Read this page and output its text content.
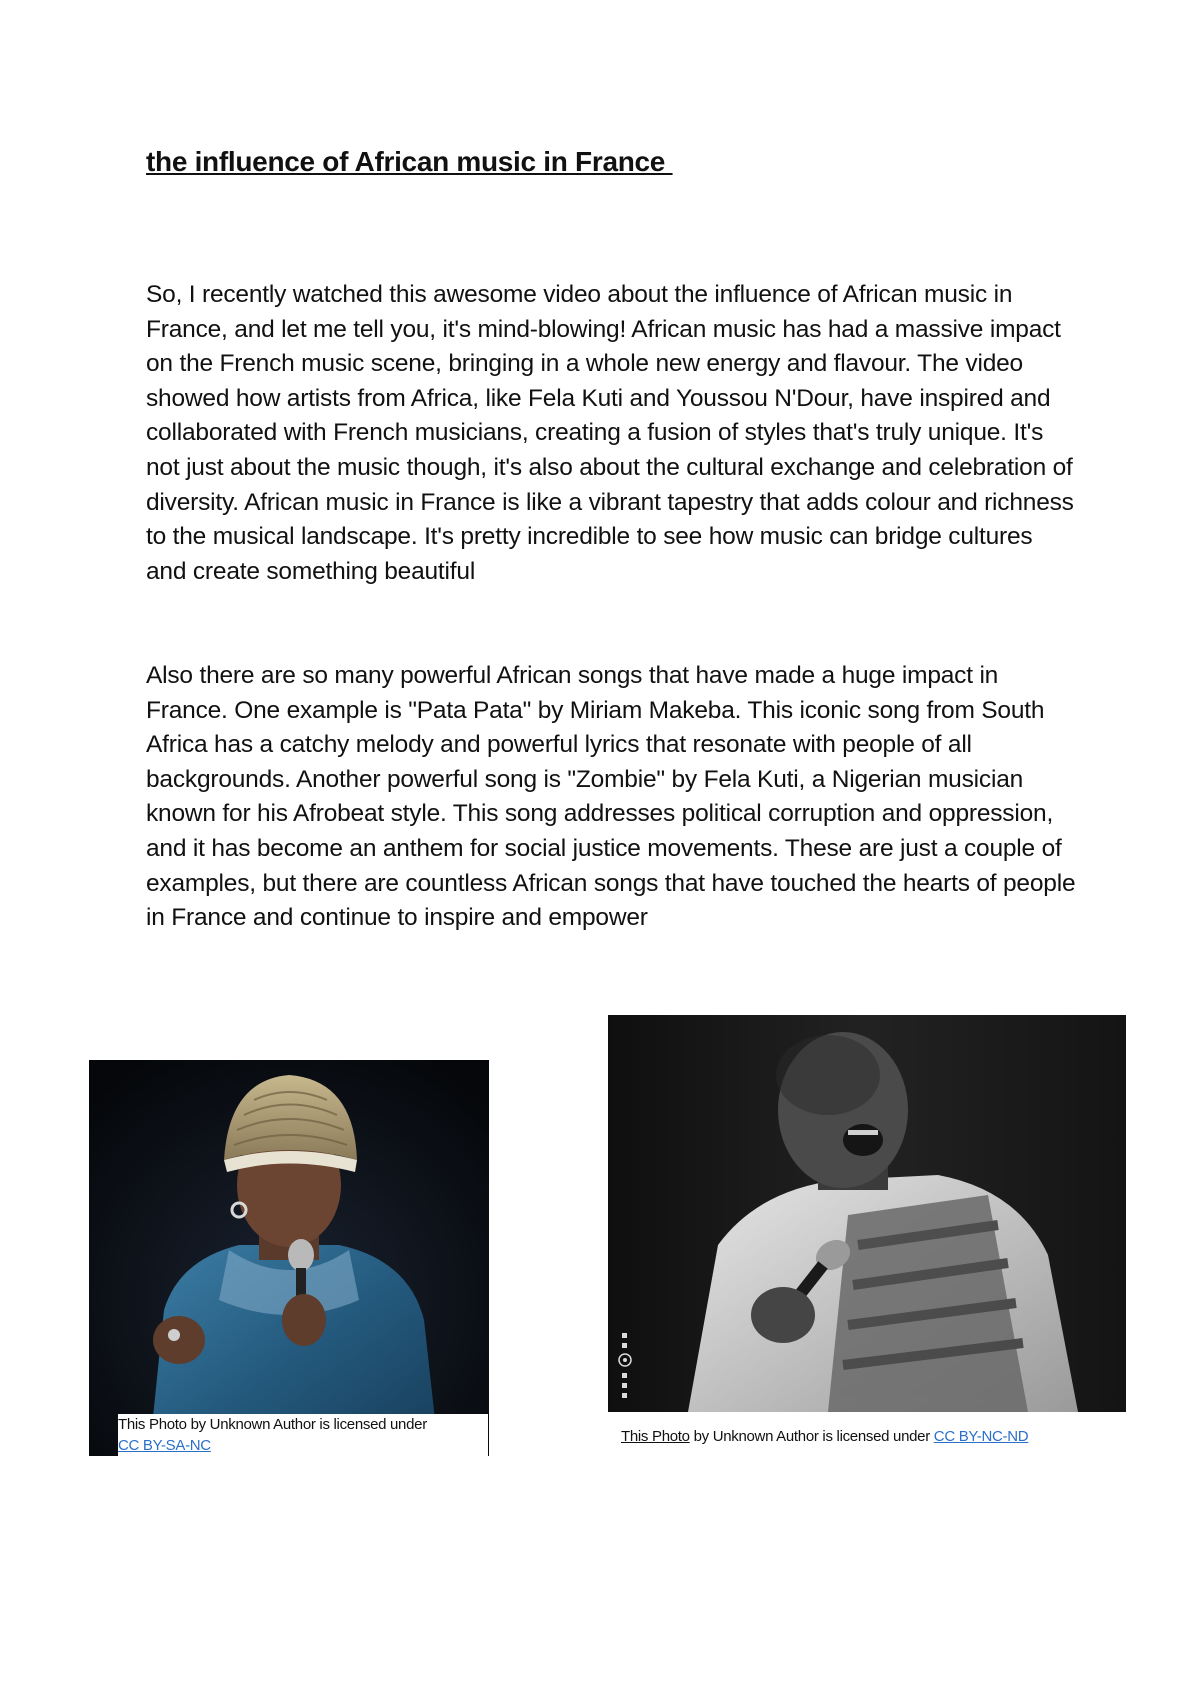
the influence of African music in France

So, I recently watched this awesome video about the influence of African music in France, and let me tell you, it's mind-blowing! African music has had a massive impact on the French music scene, bringing in a whole new energy and flavour. The video showed how artists from Africa, like Fela Kuti and Youssou N'Dour, have inspired and collaborated with French musicians, creating a fusion of styles that's truly unique. It's not just about the music though, it's also about the cultural exchange and celebration of diversity. African music in France is like a vibrant tapestry that adds colour and richness to the musical landscape. It's pretty incredible to see how music can bridge cultures and create something beautiful

Also there are so many powerful African songs that have made a huge impact in France. One example is "Pata Pata" by Miriam Makeba. This iconic song from South Africa has a catchy melody and powerful lyrics that resonate with people of all backgrounds. Another powerful song is "Zombie" by Fela Kuti, a Nigerian musician known for his Afrobeat style. This song addresses political corruption and oppression, and it has become an anthem for social justice movements. These are just a couple of examples, but there are countless African songs that have touched the hearts of people in France and continue to inspire and empower

This Photo by Unknown Author is licensed under
CC BY-SA-NC
This Photo by Unknown Author is licensed under CC BY-NC-ND
